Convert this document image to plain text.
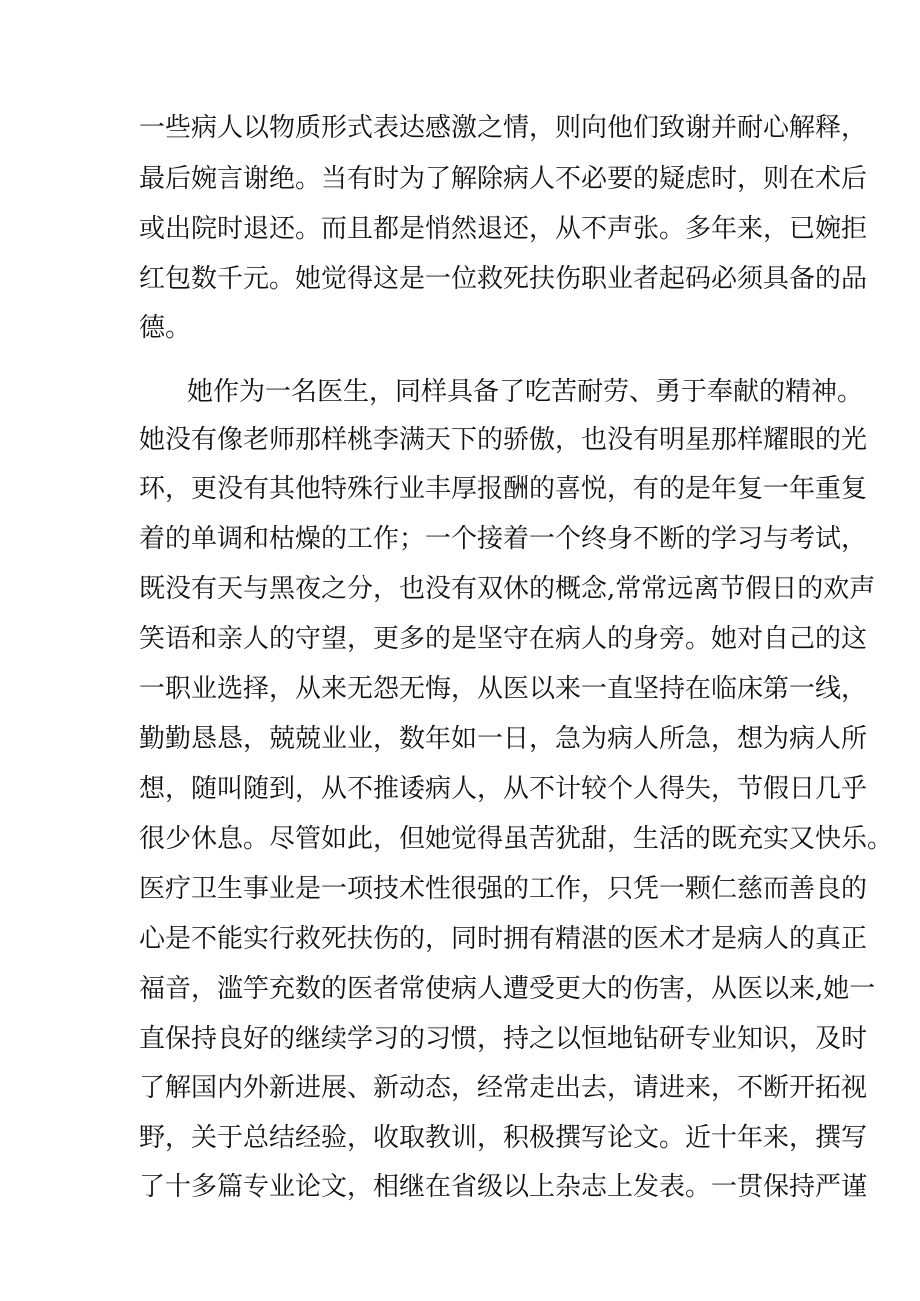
一些病人以物质形式表达感激之情，则向他们致谢并耐心解释，
最后婉言谢绝。当有时为了解除病人不必要的疑虑时，则在术后
或出院时退还。而且都是悄然退还，从不声张。多年来，已婉拒
红包数千元。她觉得这是一位救死扶伤职业者起码必须具备的品
德。
她作为一名医生，同样具备了吃苦耐劳、勇于奉献的精神。
她没有像老师那样桃李满天下的骄傲，也没有明星那样耀眼的光
环，更没有其他特殊行业丰厚报酬的喜悦，有的是年复一年重复
着的单调和枯燥的工作；一个接着一个终身不断的学习与考试，
既没有天与黑夜之分，也没有双休的概念,常常远离节假日的欢声
笑语和亲人的守望，更多的是坚守在病人的身旁。她对自己的这
一职业选择，从来无怨无悔，从医以来一直坚持在临床第一线，
勤勤恳恳，兢兢业业，数年如一日，急为病人所急，想为病人所
想，随叫随到，从不推诿病人，从不计较个人得失，节假日几乎
很少休息。尽管如此，但她觉得虽苦犹甜，生活的既充实又快乐。
医疗卫生事业是一项技术性很强的工作，只凭一颗仁慈而善良的
心是不能实行救死扶伤的，同时拥有精湛的医术才是病人的真正
福音，滥竽充数的医者常使病人遭受更大的伤害，从医以来,她一
直保持良好的继续学习的习惯，持之以恒地钻研专业知识，及时
了解国内外新进展、新动态，经常走出去，请进来，不断开拓视
野，关于总结经验，收取教训，积极撰写论文。近十年来，撰写
了十多篇专业论文，相继在省级以上杂志上发表。一贯保持严谨
